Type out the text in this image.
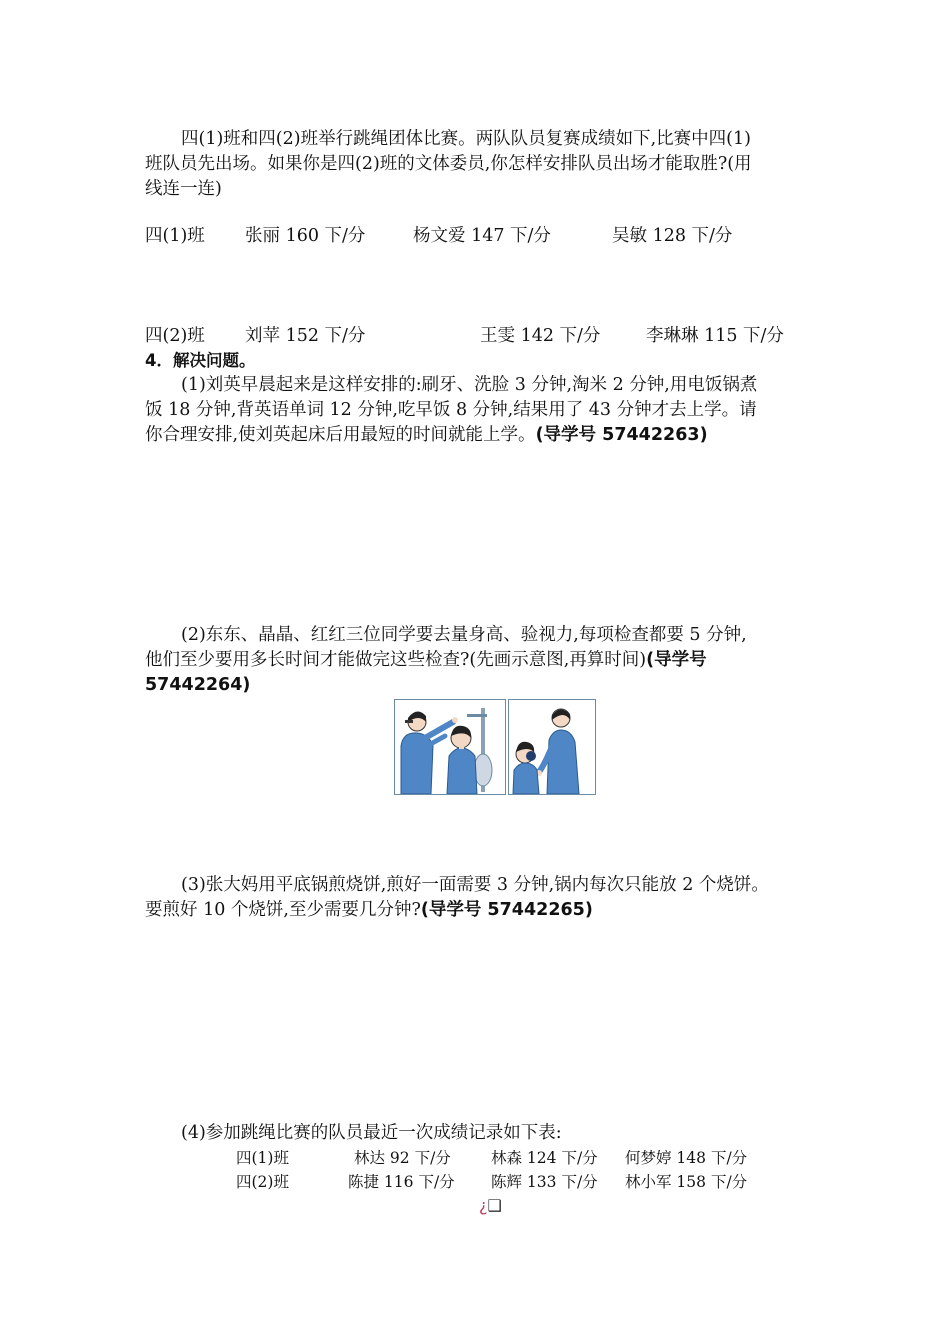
四(1)班和四(2)班举行跳绳团体比赛。两队队员复赛成绩如下,比赛中四(1)
班队员先出场。如果你是四(2)班的文体委员,你怎样安排队员出场才能取胜?(用
线连一连)
四(1)班 张丽 160 下/分	杨文爱 147 下/分	吴敏 128 下/分
四(2)班 刘苹 152 下/分	王雯 142 下/分	李琳琳 115 下/分
4．解决问题。
(1)刘英早晨起来是这样安排的:刷牙、洗脸 3 分钟,淘米 2 分钟,用电饭锅煮
饭 18 分钟,背英语单词 12 分钟,吃早饭 8 分钟,结果用了 43 分钟才去上学。请
你合理安排,使刘英起床后用最短的时间就能上学。(导学号 57442263)
(2)东东、晶晶、红红三位同学要去量身高、验视力,每项检查都要 5 分钟,
他们至少要用多长时间才能做完这些检查?(先画示意图,再算时间)(导学号
57442264)
(3)张大妈用平底锅煎烧饼,煎好一面需要 3 分钟,锅内每次只能放 2 个烧饼。
要煎好 10 个烧饼,至少需要几分钟?(导学号 57442265)
(4)参加跳绳比赛的队员最近一次成绩记录如下表:
四(1)班	林达 92 下/分	林森 124 下/分 何梦婷 148 下/分
四(2)班	陈捷 116 下/分 陈辉 133 下/分 林小军 158 下/分
¿❑
